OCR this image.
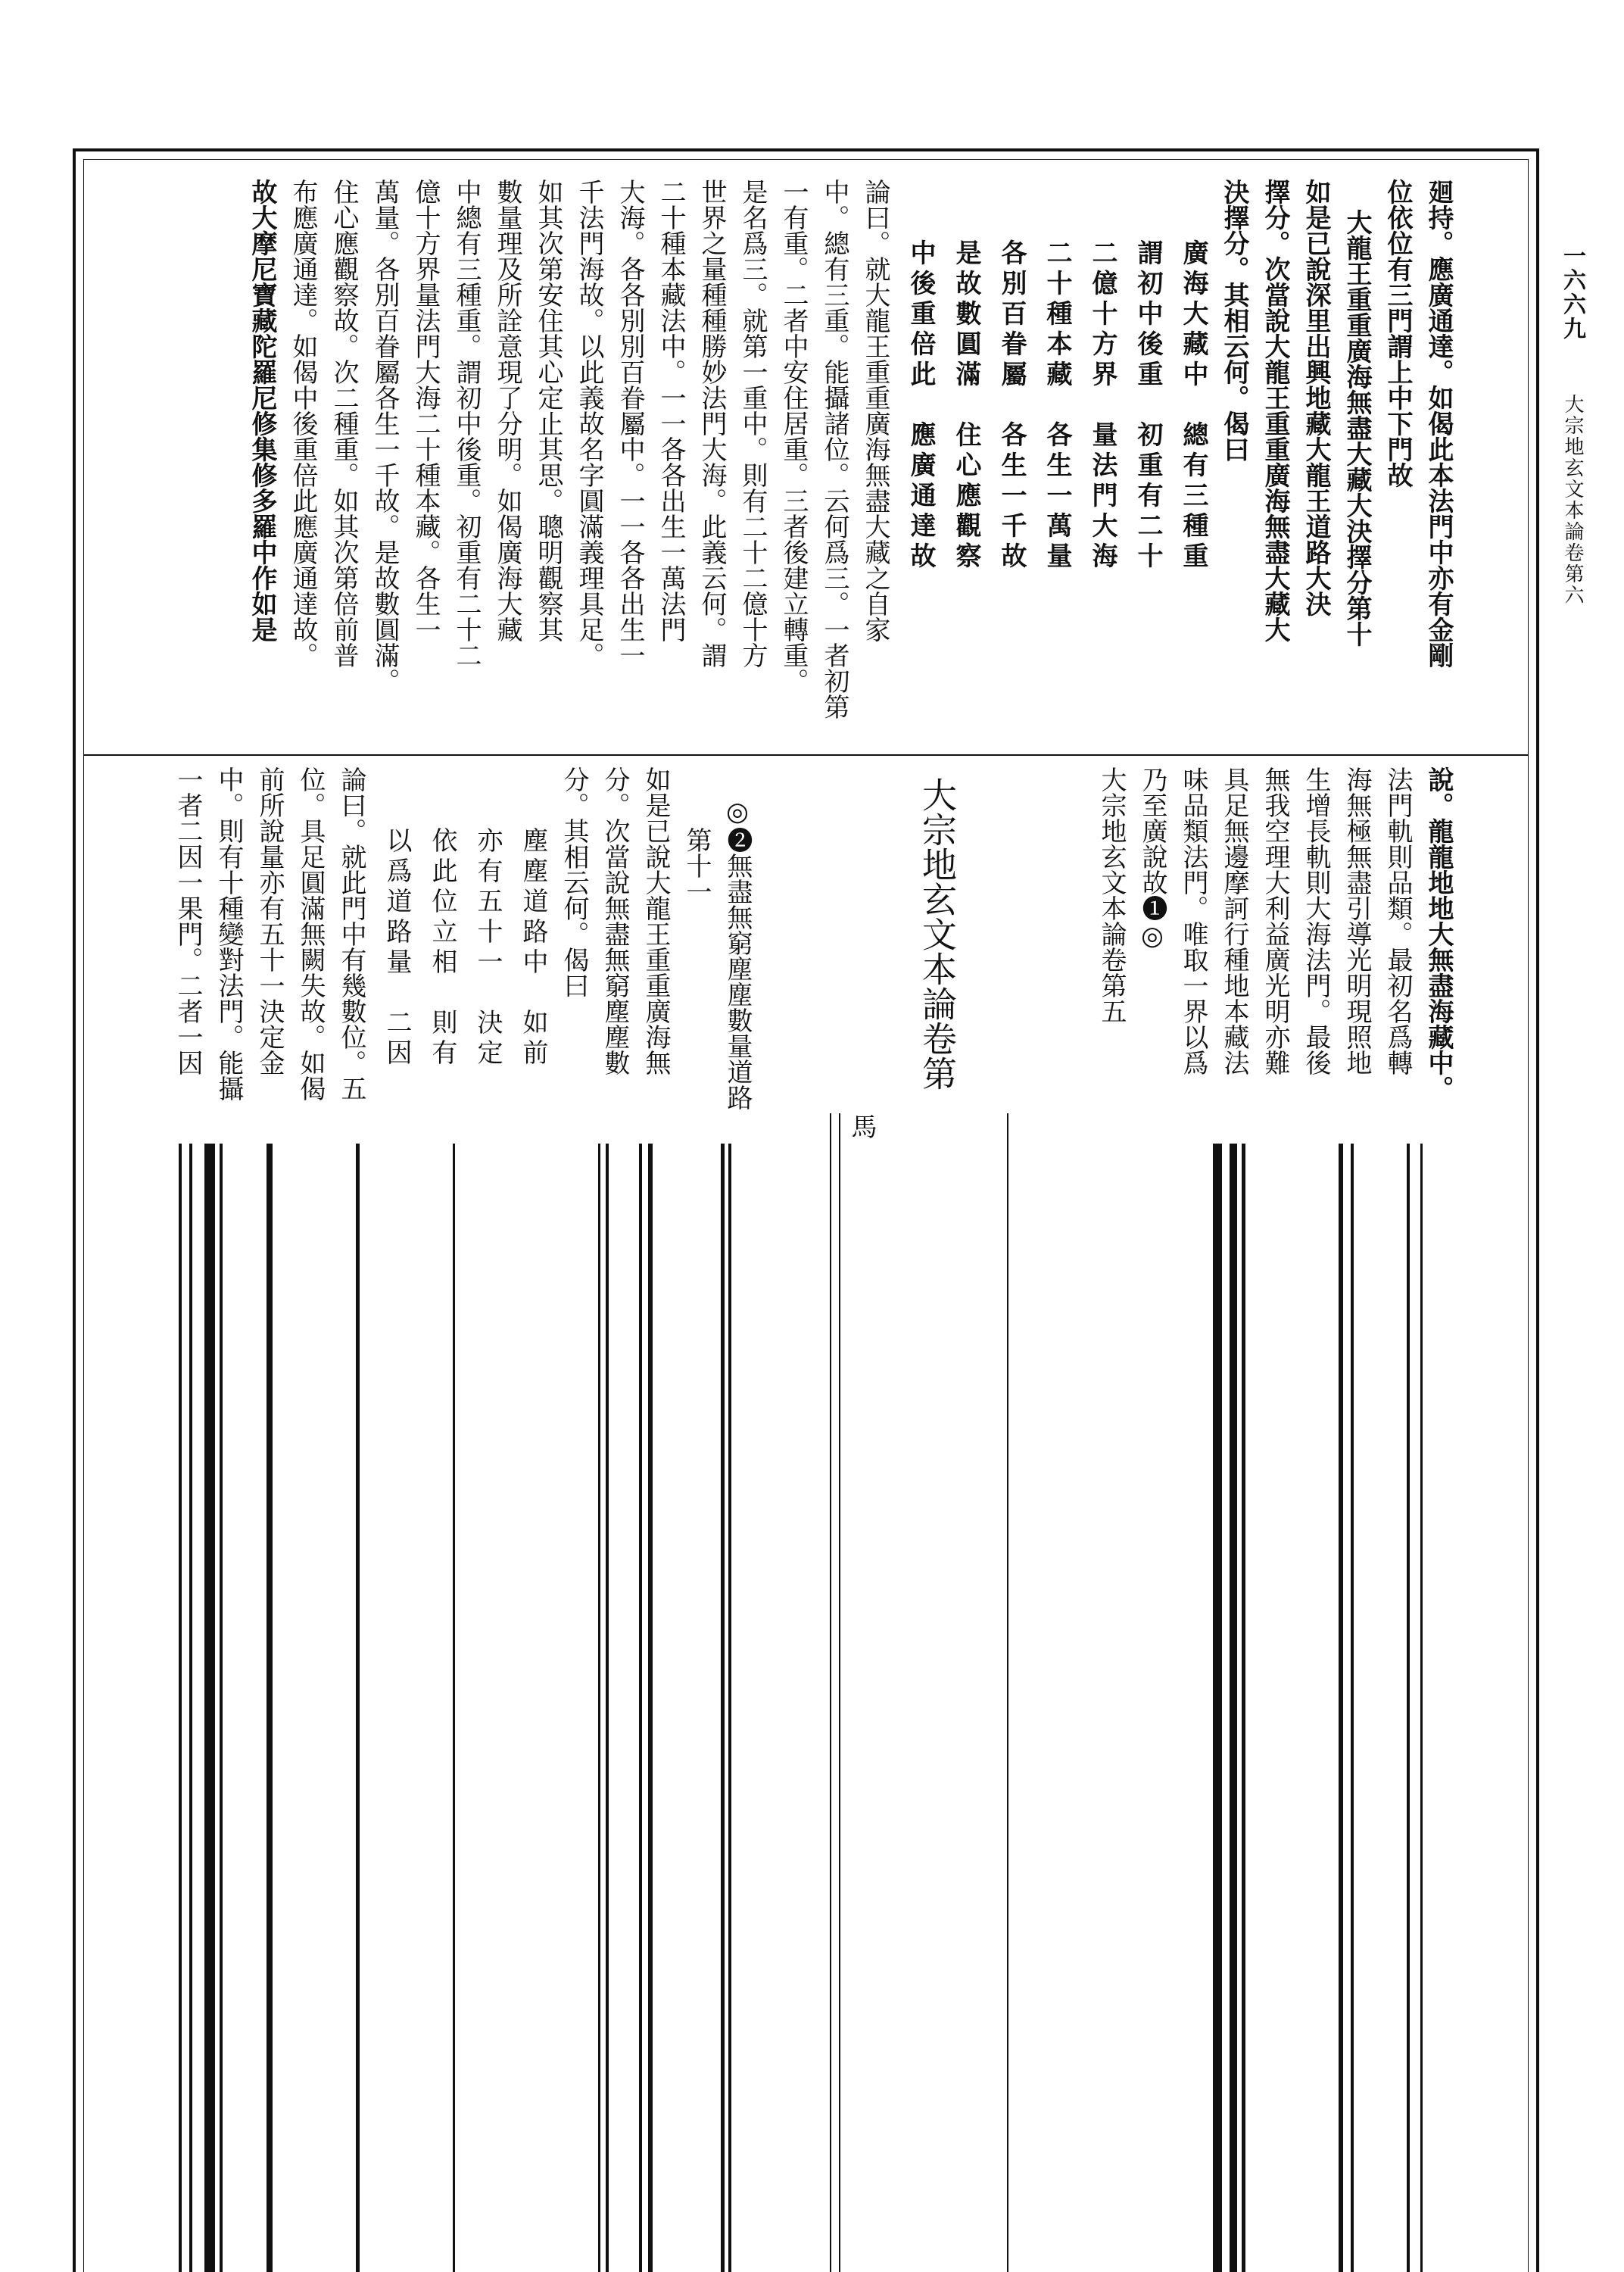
一六六九
大宗地玄文本論卷第六
廻持。應廣通達。如偈此本法門中亦有金剛
位依位有三門謂上中下門故
大龍王重重廣海無盡大藏大決擇分第十
如是已說深里出興地藏大龍王道路大決
擇分。次當說大龍王重重廣海無盡大藏大
決擇分。其相云何。偈曰
廣海大藏中　總有三種重
謂初中後重　初重有二十
二億十方界　量法門大海
二十種本藏　各生一萬量
各別百眷屬　各生一千故
是故數圓滿　住心應觀察
中後重倍此　應廣通達故
論曰。就大龍王重重廣海無盡大藏之自家
中。總有三重。能攝諸位。云何爲三。一者初第
一有重。二者中安住居重。三者後建立轉重。
是名爲三。就第一重中。則有二十二億十方
世界之量種種勝妙法門大海。此義云何。謂
二十種本藏法中。一一各各出生一萬法門
大海。各各別別百眷屬中。一一各各出生一
千法門海故。以此義故名字圓滿義理具足。
如其次第安住其心定止其思。聰明觀察其
數量理及所詮意現了分明。如偈廣海大藏
中總有三種重。謂初中後重。初重有二十二
億十方界量法門大海二十種本藏。各生一
萬量。各別百眷屬各生一千故。是故數圓滿。
住心應觀察故。次二種重。如其次第倍前普
布應廣通達。如偈中後重倍此應廣通達故。
故大摩尼寶藏陀羅尼修集修多羅中作如是
說。龍龍地地大無盡海藏中。
法門軌則品類。最初名爲轉
海無極無盡引導光明現照地
生增長軌則大海法門。最後
無我空理大利益廣光明亦難
具足無邊摩訶行種地本藏法
味品類法門。唯取一界以爲
乃至廣說故❶◎
大宗地玄文本論卷第五
大宗地玄文本論卷第
馬
◎❷無盡無窮塵塵數量道路
第十一
如是已說大龍王重重廣海無
分。次當說無盡無窮塵塵數
分。其相云何。偈曰
塵塵道路中　如前
亦有五十一　決定
依此位立相　則有
以爲道路量　二因
論曰。就此門中有幾數位。五
位。具足圓滿無闕失故。如偈
前所說量亦有五十一決定金
中。則有十種變對法門。能攝
一者二因一果門。二者一因
